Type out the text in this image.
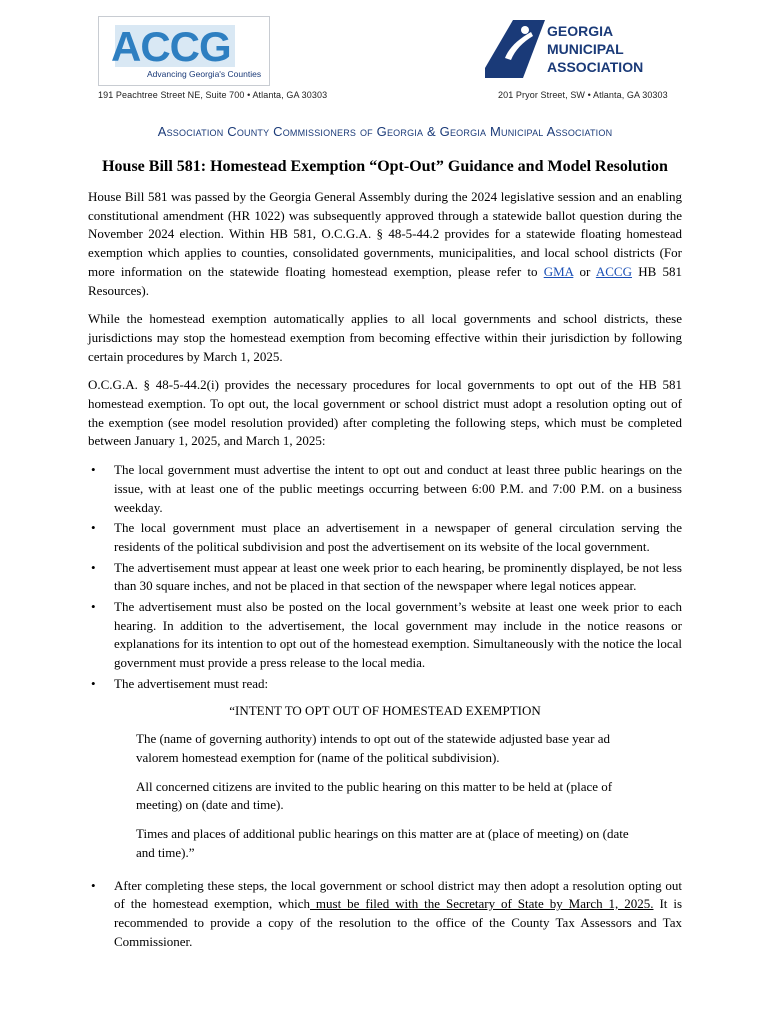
ACCG
Advancing Georgia's Counties
191 Peachtree Street NE, Suite 700 • Atlanta, GA 30303
GEORGIA
MUNICIPAL
ASSOCIATION
201 Pryor Street, SW • Atlanta, GA 30303
Association County Commissioners of Georgia & Georgia Municipal Association
House Bill 581: Homestead Exemption “Opt-Out” Guidance and Model Resolution

House Bill 581 was passed by the Georgia General Assembly during the 2024 legislative session and an enabling constitutional amendment (HR 1022) was subsequently approved through a statewide ballot question during the November 2024 election. Within HB 581, O.C.G.A. § 48-5-44.2 provides for a statewide floating homestead exemption which applies to counties, consolidated governments, municipalities, and local school districts (For more information on the statewide floating homestead exemption, please refer to GMA or ACCG HB 581 Resources).

While the homestead exemption automatically applies to all local governments and school districts, these jurisdictions may stop the homestead exemption from becoming effective within their jurisdiction by following certain procedures by March 1, 2025.

O.C.G.A. § 48-5-44.2(i) provides the necessary procedures for local governments to opt out of the HB 581 homestead exemption. To opt out, the local government or school district must adopt a resolution opting out of the exemption (see model resolution provided) after completing the following steps, which must be completed between January 1, 2025, and March 1, 2025:

• The local government must advertise the intent to opt out and conduct at least three public hearings on the issue, with at least one of the public meetings occurring between 6:00 P.M. and 7:00 P.M. on a business weekday.
• The local government must place an advertisement in a newspaper of general circulation serving the residents of the political subdivision and post the advertisement on its website of the local government.
• The advertisement must appear at least one week prior to each hearing, be prominently displayed, be not less than 30 square inches, and not be placed in that section of the newspaper where legal notices appear.
• The advertisement must also be posted on the local government’s website at least one week prior to each hearing. In addition to the advertisement, the local government may include in the notice reasons or explanations for its intention to opt out of the homestead exemption. Simultaneously with the notice the local government must provide a press release to the local media.
• The advertisement must read:
“INTENT TO OPT OUT OF HOMESTEAD EXEMPTION

The (name of governing authority) intends to opt out of the statewide adjusted base year ad valorem homestead exemption for (name of the political subdivision).

All concerned citizens are invited to the public hearing on this matter to be held at (place of meeting) on (date and time).

Times and places of additional public hearings on this matter are at (place of meeting) on (date and time).”

• After completing these steps, the local government or school district may then adopt a resolution opting out of the homestead exemption, which must be filed with the Secretary of State by March 1, 2025. It is recommended to provide a copy of the resolution to the office of the County Tax Assessors and Tax Commissioner.
